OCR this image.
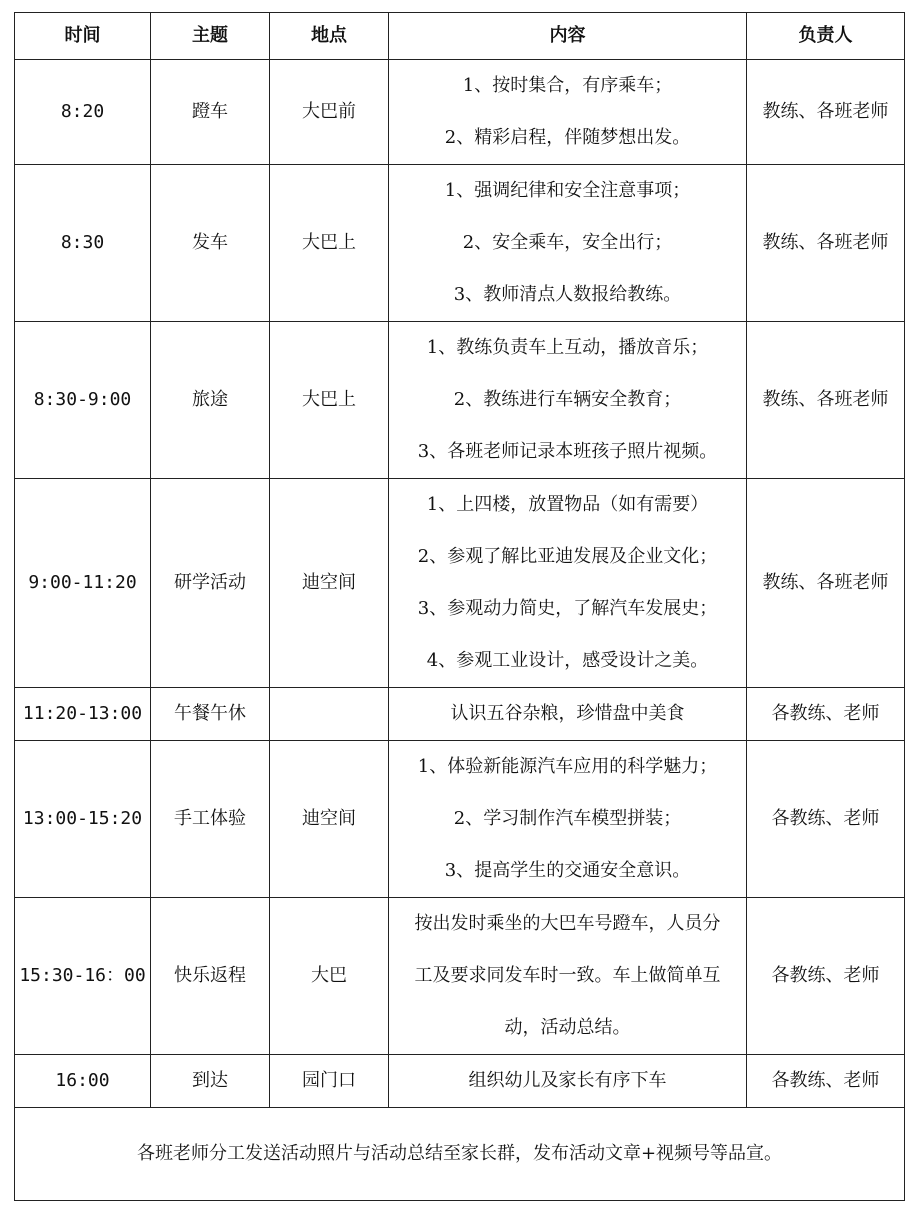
时间	主题	地点	内容	负责人
8:20	蹬车	大巴前	1、按时集合，有序乘车；
2、精彩启程，伴随梦想出发。	教练、各班老师
8:30	发车	大巴上	1、强调纪律和安全注意事项；
2、安全乘车，安全出行；
3、教师清点人数报给教练。	教练、各班老师
8:30-9:00	旅途	大巴上	1、教练负责车上互动，播放音乐；
2、教练进行车辆安全教育；
3、各班老师记录本班孩子照片视频。	教练、各班老师
9:00-11:20	研学活动	迪空间	1、上四楼，放置物品（如有需要）
2、参观了解比亚迪发展及企业文化；
3、参观动力简史，了解汽车发展史；
4、参观工业设计，感受设计之美。	教练、各班老师
11:20-13:00	午餐午休		认识五谷杂粮，珍惜盘中美食	各教练、老师
13:00-15:20	手工体验	迪空间	1、体验新能源汽车应用的科学魅力；
2、学习制作汽车模型拼装；
3、提高学生的交通安全意识。	各教练、老师
15:30-16：00	快乐返程	大巴	按出发时乘坐的大巴车号蹬车，人员分
工及要求同发车时一致。车上做简单互
动，活动总结。	各教练、老师
16:00	到达	园门口	组织幼儿及家长有序下车	各教练、老师
各班老师分工发送活动照片与活动总结至家长群，发布活动文章+视频号等品宣。				
